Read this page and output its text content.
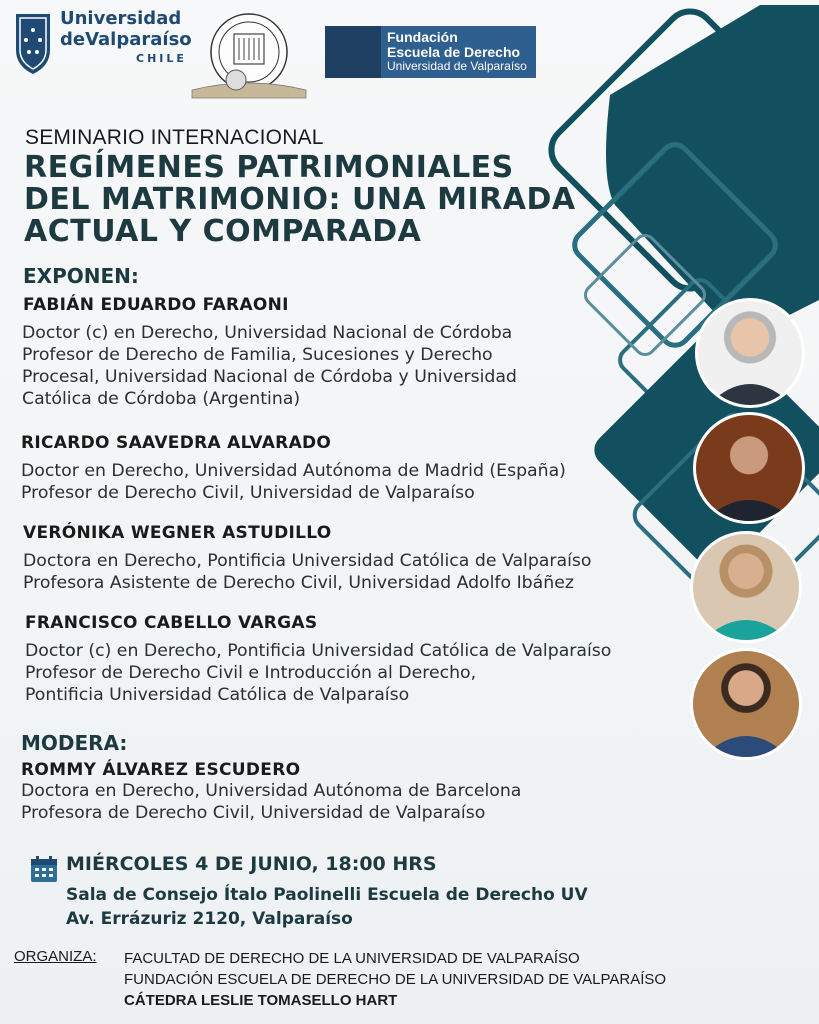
Universidad
deValparaíso
CHILE
Fundación
Escuela de Derecho
Universidad de Valparaíso
SEMINARIO INTERNACIONAL
REGÍMENES PATRIMONIALES
DEL MATRIMONIO: UNA MIRADA
ACTUAL Y COMPARADA
EXPONEN:
FABIÁN EDUARDO FARAONI
Doctor (c) en Derecho, Universidad Nacional de Córdoba
Profesor de Derecho de Familia, Sucesiones y Derecho
Procesal, Universidad Nacional de Córdoba y Universidad
Católica de Córdoba (Argentina)
RICARDO SAAVEDRA ALVARADO
Doctor en Derecho, Universidad Autónoma de Madrid (España)
Profesor de Derecho Civil, Universidad de Valparaíso
VERÓNIKA WEGNER ASTUDILLO
Doctora en Derecho, Pontificia Universidad Católica de Valparaíso
Profesora Asistente de Derecho Civil, Universidad Adolfo Ibáñez
FRANCISCO CABELLO VARGAS
Doctor (c) en Derecho, Pontificia Universidad Católica de Valparaíso
Profesor de Derecho Civil e Introducción al Derecho,
Pontificia Universidad Católica de Valparaíso
MODERA:
ROMMY ÁLVAREZ ESCUDERO
Doctora en Derecho, Universidad Autónoma de Barcelona
Profesora de Derecho Civil, Universidad de Valparaíso
MIÉRCOLES 4 DE JUNIO, 18:00 HRS
Sala de Consejo Ítalo Paolinelli Escuela de Derecho UV
Av. Errázuriz 2120, Valparaíso
ORGANIZA: FACULTAD DE DERECHO DE LA UNIVERSIDAD DE VALPARAÍSO
FUNDACIÓN ESCUELA DE DERECHO DE LA UNIVERSIDAD DE VALPARAÍSO
CÁTEDRA LESLIE TOMASELLO HART
